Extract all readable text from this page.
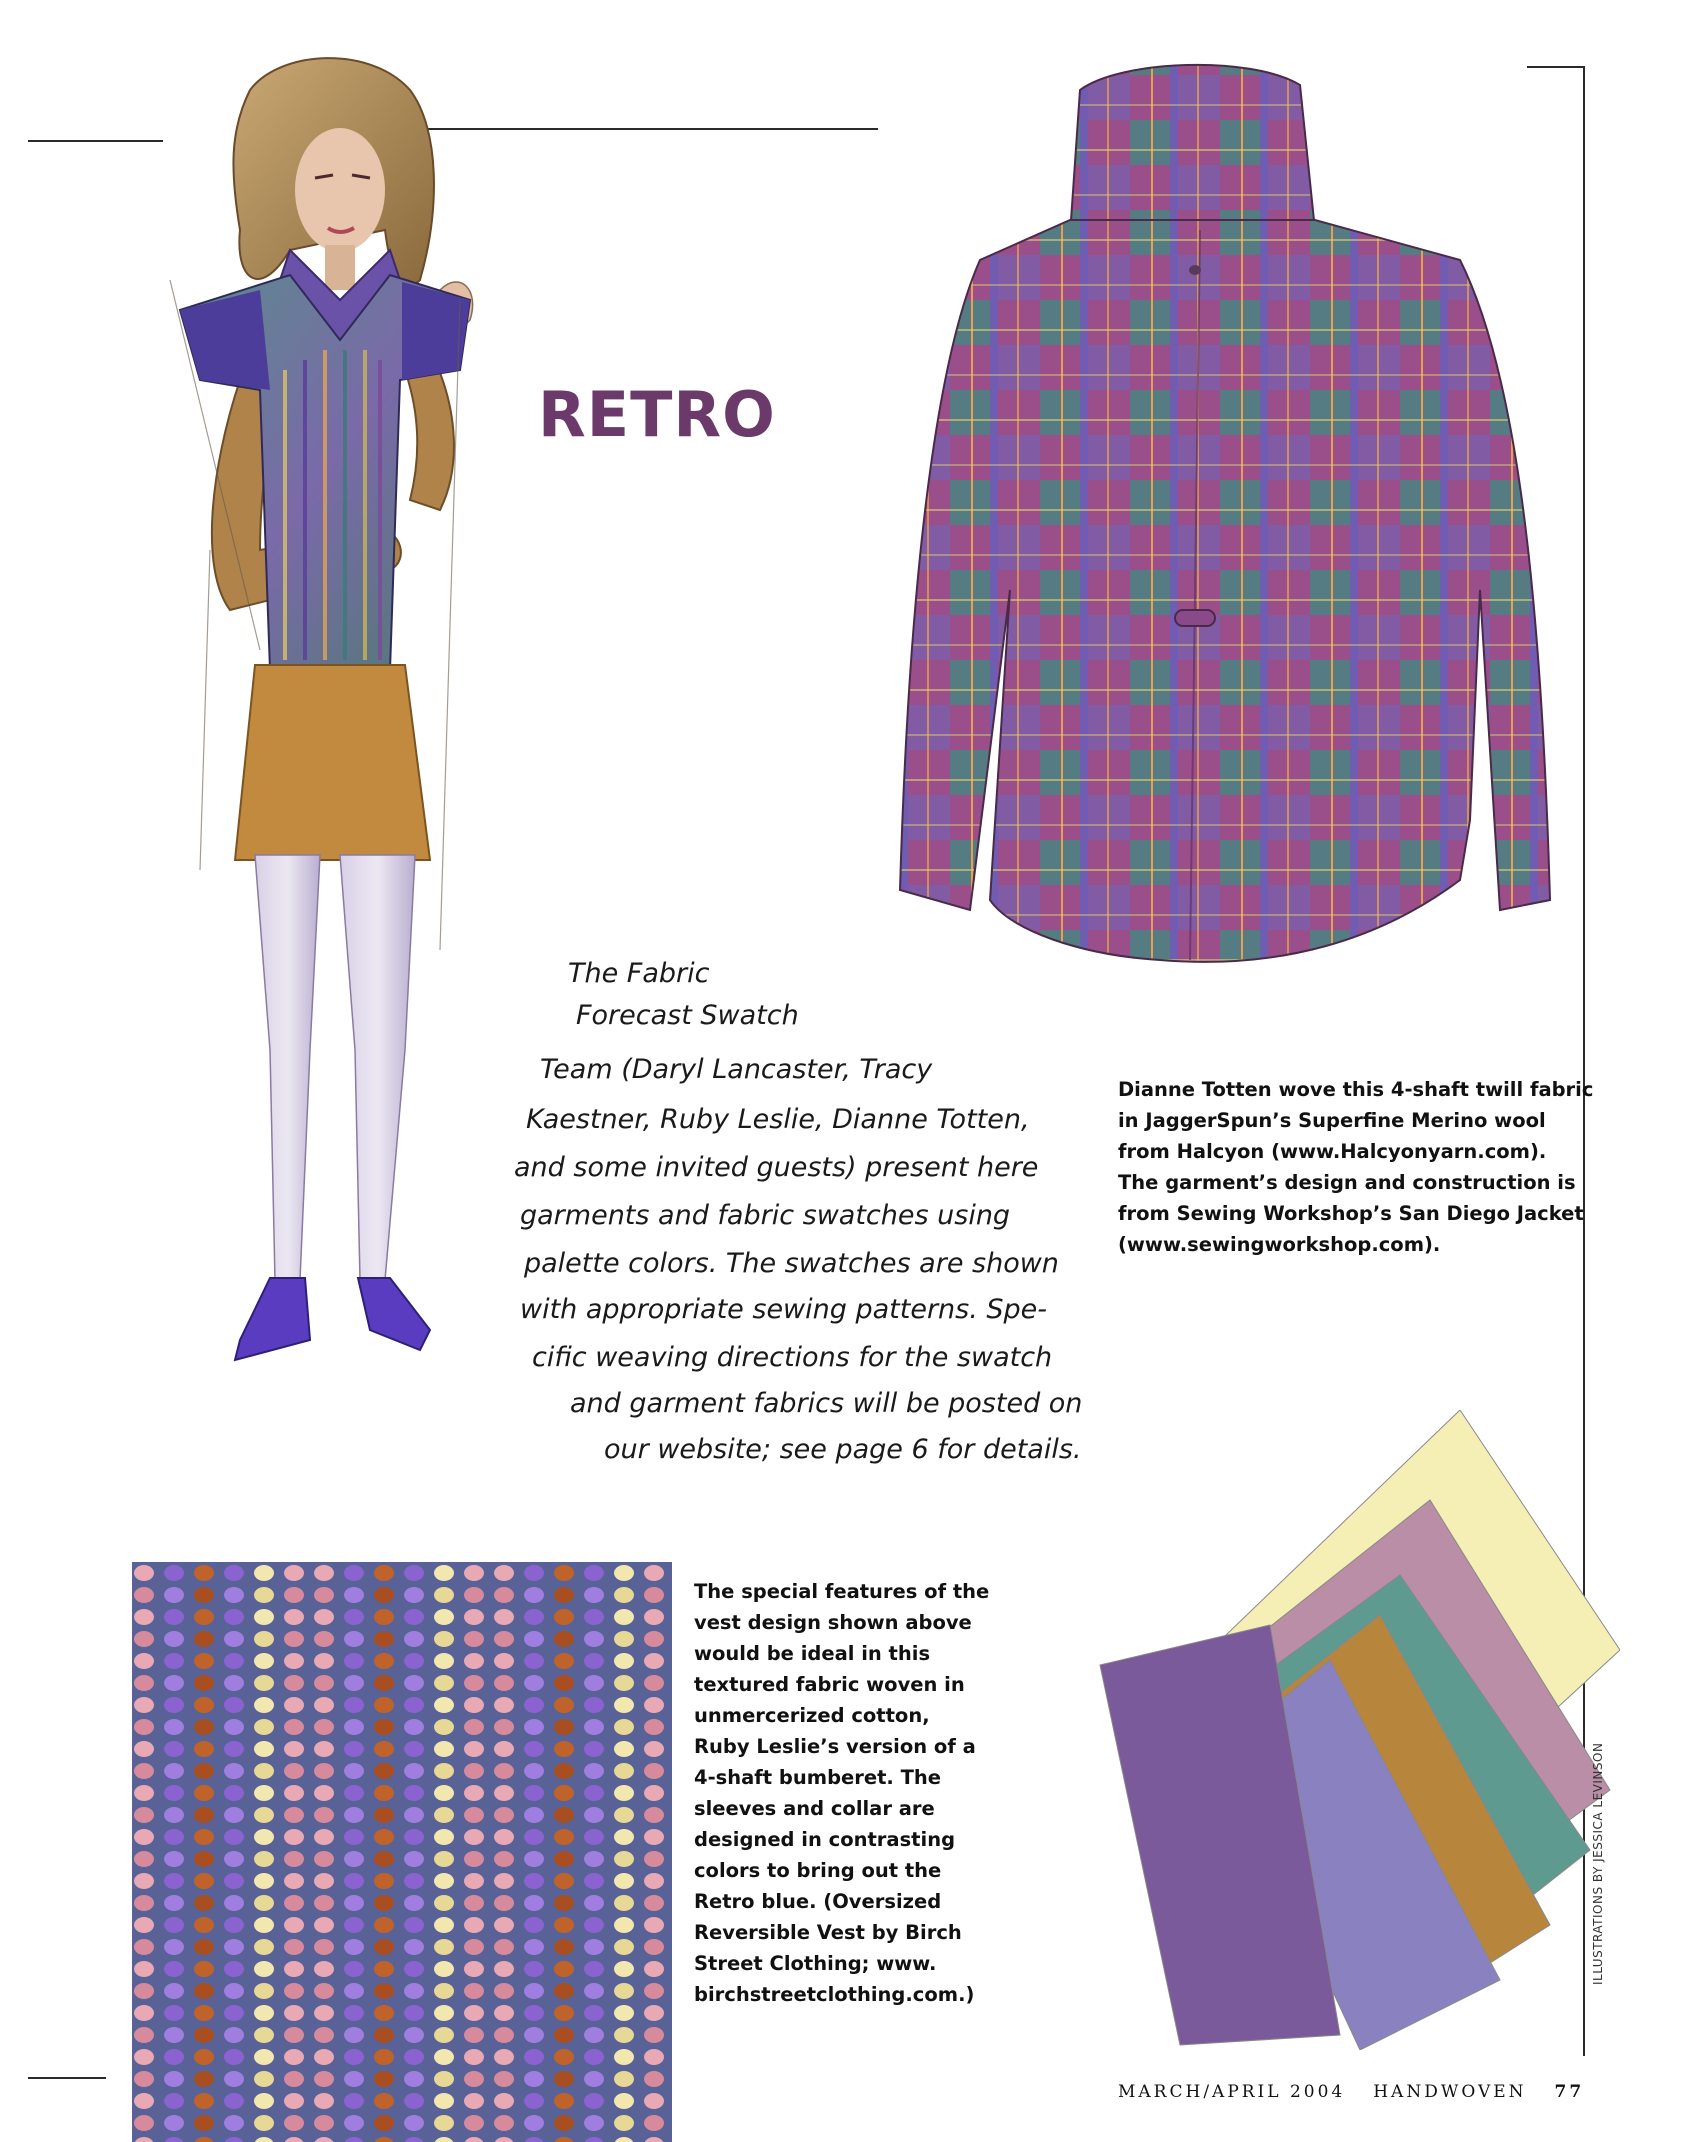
RETRO
The Fabric
Forecast Swatch
Team (Daryl Lancaster, Tracy
Kaestner, Ruby Leslie, Dianne Totten,
and some invited guests) present here
garments and fabric swatches using
palette colors. The swatches are shown
with appropriate sewing patterns. Spe-
cific weaving directions for the swatch
and garment fabrics will be posted on
our website; see page 6 for details.
Dianne Totten wove this 4-shaft twill fabric
in JaggerSpun’s Superfine Merino wool
from Halcyon (www.Halcyonyarn.com).
The garment’s design and construction is
from Sewing Workshop’s San Diego Jacket
(www.sewingworkshop.com).
The special features of the
vest design shown above
would be ideal in this
textured fabric woven in
unmercerized cotton,
Ruby Leslie’s version of a
4-shaft bumberet. The
sleeves and collar are
designed in contrasting
colors to bring out the
Retro blue. (Oversized
Reversible Vest by Birch
Street Clothing; www.
birchstreetclothing.com.)
ILLUSTRATIONS BY JESSICA LEVINSON
MARCH/APRIL 2004 HANDWOVEN 77
